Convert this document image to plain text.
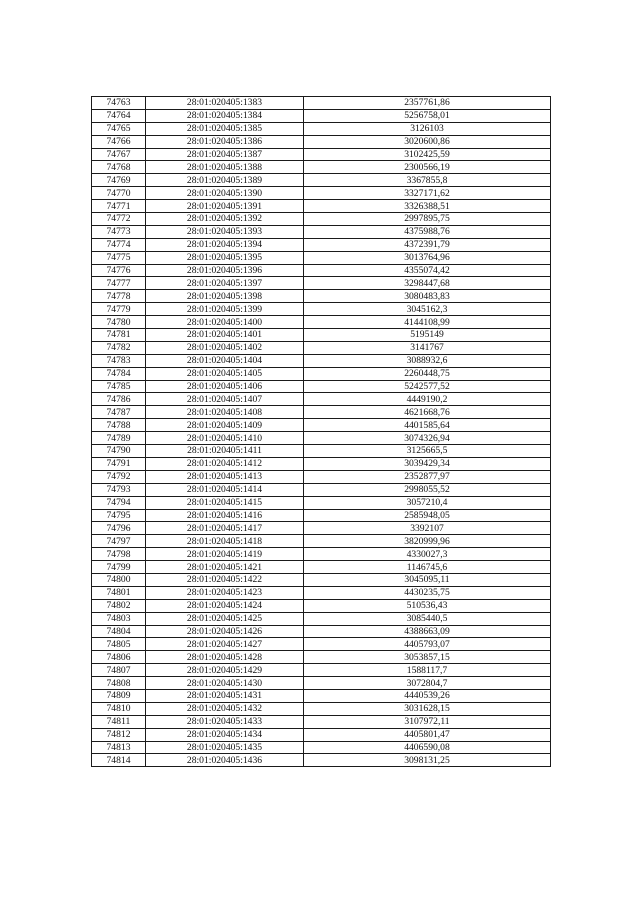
74763	28:01:020405:1383	2357761,86
74764	28:01:020405:1384	5256758,01
74765	28:01:020405:1385	3126103
74766	28:01:020405:1386	3020600,86
74767	28:01:020405:1387	3102425,59
74768	28:01:020405:1388	2300566,19
74769	28:01:020405:1389	3367855,8
74770	28:01:020405:1390	3327171,62
74771	28:01:020405:1391	3326388,51
74772	28:01:020405:1392	2997895,75
74773	28:01:020405:1393	4375988,76
74774	28:01:020405:1394	4372391,79
74775	28:01:020405:1395	3013764,96
74776	28:01:020405:1396	4355074,42
74777	28:01:020405:1397	3298447,68
74778	28:01:020405:1398	3080483,83
74779	28:01:020405:1399	3045162,3
74780	28:01:020405:1400	4144108,99
74781	28:01:020405:1401	5195149
74782	28:01:020405:1402	3141767
74783	28:01:020405:1404	3088932,6
74784	28:01:020405:1405	2260448,75
74785	28:01:020405:1406	5242577,52
74786	28:01:020405:1407	4449190,2
74787	28:01:020405:1408	4621668,76
74788	28:01:020405:1409	4401585,64
74789	28:01:020405:1410	3074326,94
74790	28:01:020405:1411	3125665,5
74791	28:01:020405:1412	3039429,34
74792	28:01:020405:1413	2352877,97
74793	28:01:020405:1414	2998055,52
74794	28:01:020405:1415	3057210,4
74795	28:01:020405:1416	2585948,05
74796	28:01:020405:1417	3392107
74797	28:01:020405:1418	3820999,96
74798	28:01:020405:1419	4330027,3
74799	28:01:020405:1421	1146745,6
74800	28:01:020405:1422	3045095,11
74801	28:01:020405:1423	4430235,75
74802	28:01:020405:1424	510536,43
74803	28:01:020405:1425	3085440,5
74804	28:01:020405:1426	4388663,09
74805	28:01:020405:1427	4405793,07
74806	28:01:020405:1428	3053857,15
74807	28:01:020405:1429	1588117,7
74808	28:01:020405:1430	3072804,7
74809	28:01:020405:1431	4440539,26
74810	28:01:020405:1432	3031628,15
74811	28:01:020405:1433	3107972,11
74812	28:01:020405:1434	4405801,47
74813	28:01:020405:1435	4406590,08
74814	28:01:020405:1436	3098131,25
